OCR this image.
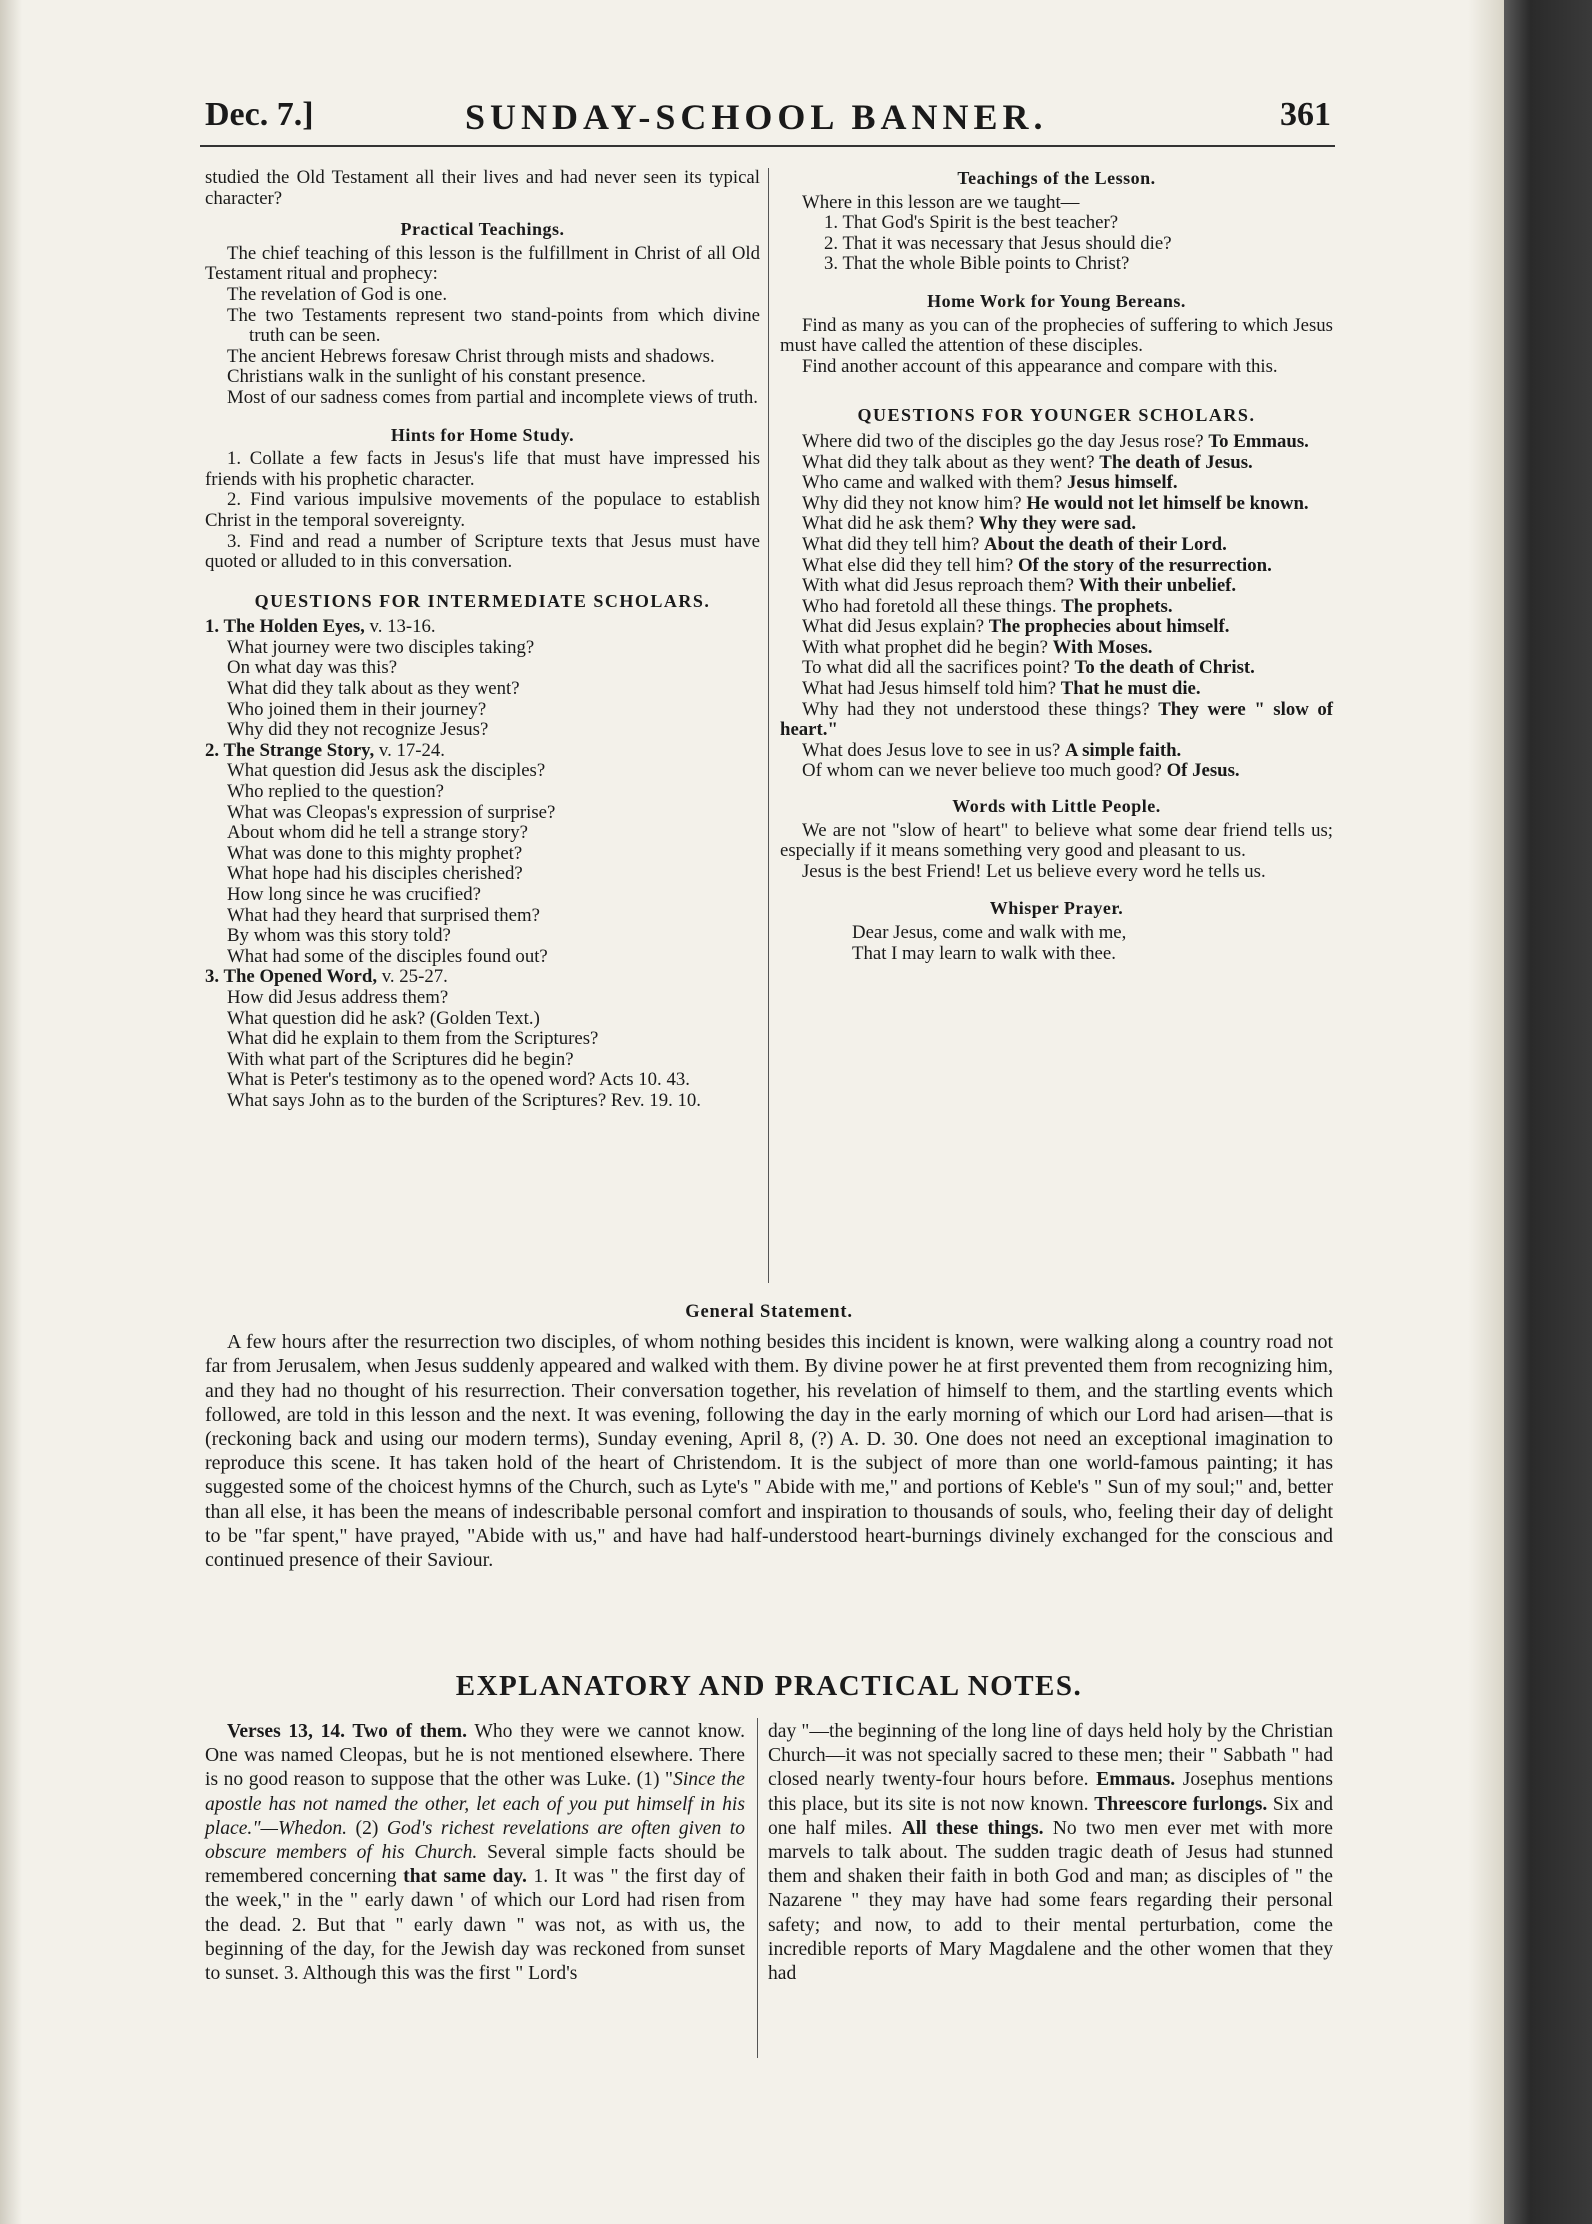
Dec. 7.]	SUNDAY-SCHOOL BANNER.	361

studied the Old Testament all their lives and had never seen its typical character?

Practical Teachings.

The chief teaching of this lesson is the fulfillment in Christ of all Old Testament ritual and prophecy:

The revelation of God is one.

The two Testaments represent two stand-points from which divine truth can be seen.

The ancient Hebrews foresaw Christ through mists and shadows.

Christians walk in the sunlight of his constant presence.

Most of our sadness comes from partial and incomplete views of truth.

Hints for Home Study.

1. Collate a few facts in Jesus's life that must have impressed his friends with his prophetic character.

2. Find various impulsive movements of the populace to establish Christ in the temporal sovereignty.

3. Find and read a number of Scripture texts that Jesus must have quoted or alluded to in this conversation.

QUESTIONS FOR INTERMEDIATE SCHOLARS.

1. The Holden Eyes, v. 13-16.

What journey were two disciples taking?

On what day was this?

What did they talk about as they went?

Who joined them in their journey?

Why did they not recognize Jesus?

2. The Strange Story, v. 17-24.

What question did Jesus ask the disciples?

Who replied to the question?

What was Cleopas's expression of surprise?

About whom did he tell a strange story?

What was done to this mighty prophet?

What hope had his disciples cherished?

How long since he was crucified?

What had they heard that surprised them?

By whom was this story told?

What had some of the disciples found out?

3. The Opened Word, v. 25-27.

How did Jesus address them?

What question did he ask? (Golden Text.)

What did he explain to them from the Scriptures?

With what part of the Scriptures did he begin?

What is Peter's testimony as to the opened word? Acts 10. 43.

What says John as to the burden of the Scriptures? Rev. 19. 10.

Teachings of the Lesson.

Where in this lesson are we taught—

1. That God's Spirit is the best teacher?

2. That it was necessary that Jesus should die?

3. That the whole Bible points to Christ?

Home Work for Young Bereans.

Find as many as you can of the prophecies of suffering to which Jesus must have called the attention of these disciples.

Find another account of this appearance and compare with this.

QUESTIONS FOR YOUNGER SCHOLARS.

Where did two of the disciples go the day Jesus rose? To Emmaus.

What did they talk about as they went? The death of Jesus.

Who came and walked with them? Jesus himself.

Why did they not know him? He would not let himself be known.

What did he ask them? Why they were sad.

What did they tell him? About the death of their Lord.

What else did they tell him? Of the story of the resurrection.

With what did Jesus reproach them? With their unbelief.

Who had foretold all these things. The prophets.

What did Jesus explain? The prophecies about himself.

With what prophet did he begin? With Moses.

To what did all the sacrifices point? To the death of Christ.

What had Jesus himself told him? That he must die.

Why had they not understood these things? They were " slow of heart."

What does Jesus love to see in us? A simple faith.

Of whom can we never believe too much good? Of Jesus.

Words with Little People.

We are not "slow of heart" to believe what some dear friend tells us; especially if it means something very good and pleasant to us.

Jesus is the best Friend! Let us believe every word he tells us.

Whisper Prayer.

Dear Jesus, come and walk with me,

That I may learn to walk with thee.

General Statement.

A few hours after the resurrection two disciples, of whom nothing besides this incident is known, were walking along a country road not far from Jerusalem, when Jesus suddenly appeared and walked with them. By divine power he at first prevented them from recognizing him, and they had no thought of his resurrection. Their conversation together, his revelation of himself to them, and the startling events which followed, are told in this lesson and the next. It was evening, following the day in the early morning of which our Lord had arisen—that is (reckoning back and using our modern terms), Sunday evening, April 8, (?) A. D. 30. One does not need an exceptional imagination to reproduce this scene. It has taken hold of the heart of Christendom. It is the subject of more than one world-famous painting; it has suggested some of the choicest hymns of the Church, such as Lyte's " Abide with me," and portions of Keble's " Sun of my soul;" and, better than all else, it has been the means of indescribable personal comfort and inspiration to thousands of souls, who, feeling their day of delight to be "far spent," have prayed, "Abide with us," and have had half-understood heart-burnings divinely exchanged for the conscious and continued presence of their Saviour.

EXPLANATORY AND PRACTICAL NOTES.

Verses 13, 14. Two of them. Who they were we cannot know. One was named Cleopas, but he is not mentioned elsewhere. There is no good reason to suppose that the other was Luke. (1) "Since the apostle has not named the other, let each of you put himself in his place."—Whedon. (2) God's richest revelations are often given to obscure members of his Church. Several simple facts should be remembered concerning that same day. 1. It was " the first day of the week," in the " early dawn ' of which our Lord had risen from the dead. 2. But that " early dawn " was not, as with us, the beginning of the day, for the Jewish day was reckoned from sunset to sunset. 3. Although this was the first " Lord's

day "—the beginning of the long line of days held holy by the Christian Church—it was not specially sacred to these men; their " Sabbath " had closed nearly twenty-four hours before. Emmaus. Josephus mentions this place, but its site is not now known. Threescore furlongs. Six and one half miles. All these things. No two men ever met with more marvels to talk about. The sudden tragic death of Jesus had stunned them and shaken their faith in both God and man; as disciples of " the Nazarene " they may have had some fears regarding their personal safety; and now, to add to their mental perturbation, come the incredible reports of Mary Magdalene and the other women that they had
